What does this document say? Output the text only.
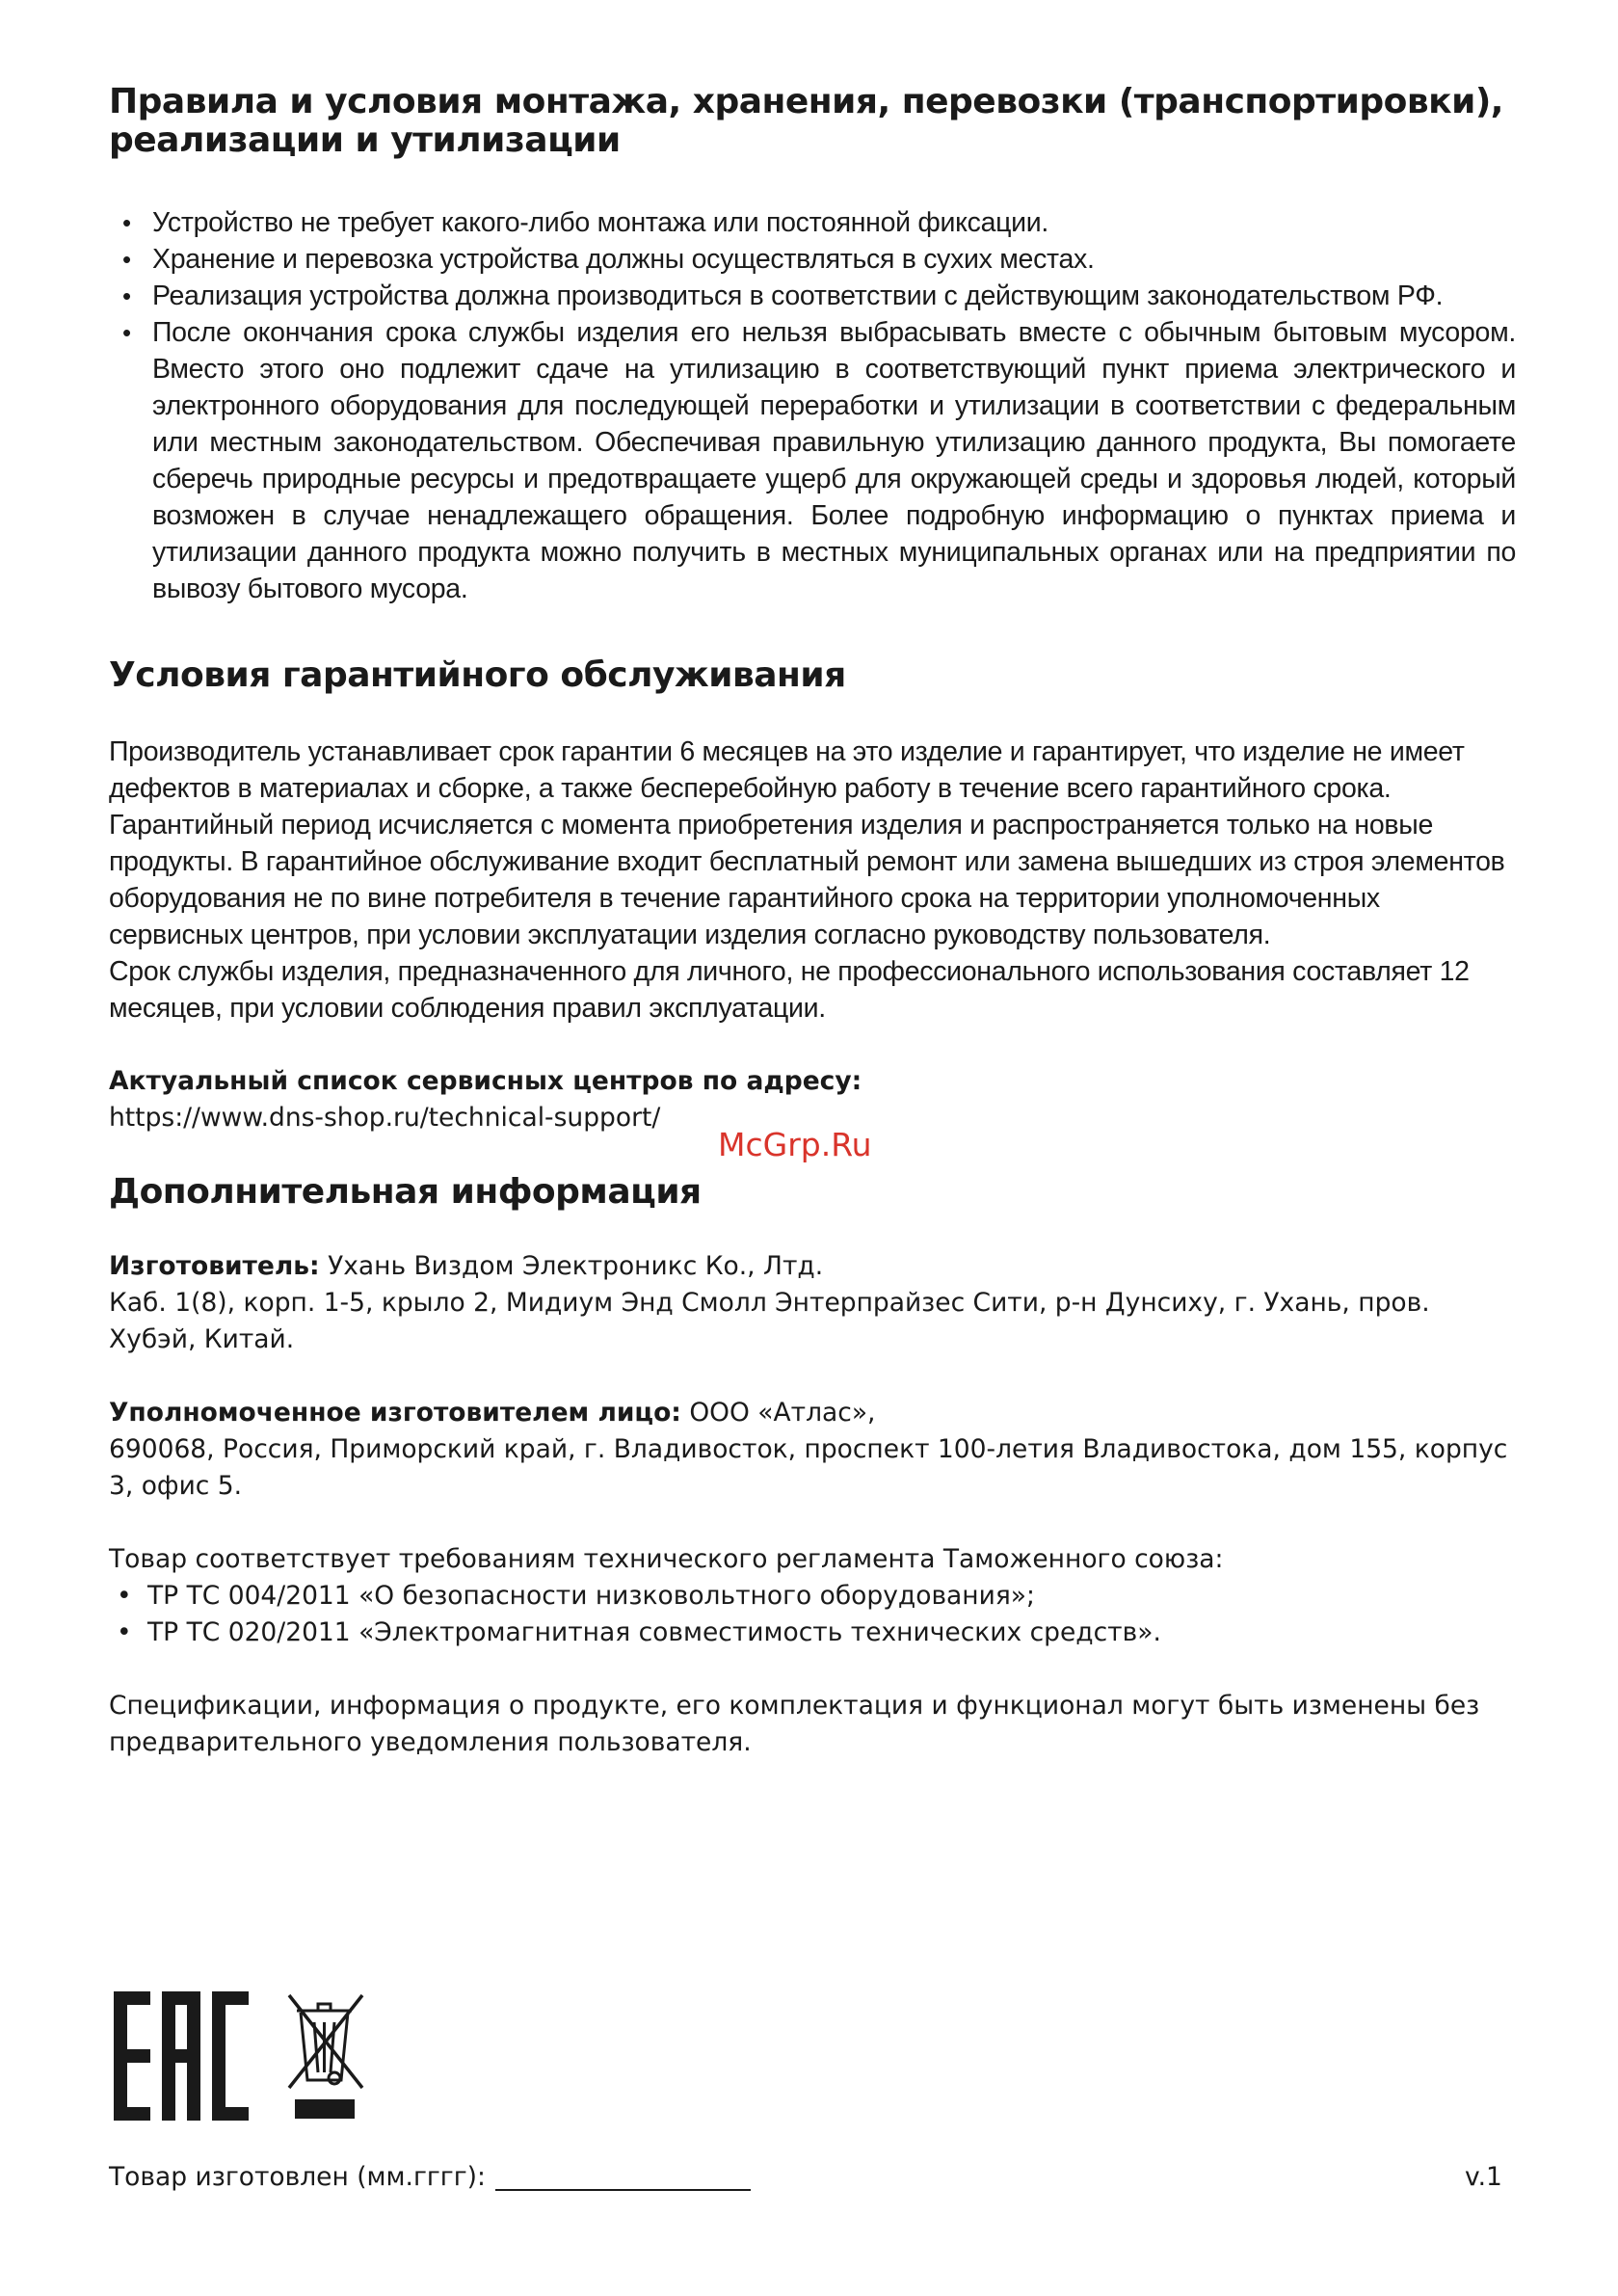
Правила и условия монтажа, хранения, перевозки (транспортировки), реализации и утилизации
• Устройство не требует какого-либо монтажа или постоянной фиксации.
• Хранение и перевозка устройства должны осуществляться в сухих местах.
• Реализация устройства должна производиться в соответствии с действующим законодательством РФ.
• После окончания срока службы изделия его нельзя выбрасывать вместе с обычным бытовым мусором. Вместо этого оно подлежит сдаче на утилизацию в соответствующий пункт приема электрического и электронного оборудования для последующей переработки и утилизации в соответствии с федеральным или местным законодательством. Обеспечивая правильную утилизацию данного продукта, Вы помогаете сберечь природные ресурсы и предотвращаете ущерб для окружающей среды и здоровья людей, который возможен в случае ненадлежащего обращения. Более подробную информацию о пунктах приема и утилизации данного продукта можно получить в местных муниципальных органах или на предприятии по вывозу бытового мусора.
Условия гарантийного обслуживания

Производитель устанавливает срок гарантии 6 месяцев на это изделие и гарантирует, что изделие не имеет дефектов в материалах и сборке, а также бесперебойную работу в течение всего гарантийного срока. Гарантийный период исчисляется с момента приобретения изделия и распространяется только на новые продукты. В гарантийное обслуживание входит бесплатный ремонт или замена вышедших из строя элементов оборудования не по вине потребителя в течение гарантийного срока на территории уполномоченных сервисных центров, при условии эксплуатации изделия согласно руководству пользователя.

Срок службы изделия, предназначенного для личного, не профессионального использования составляет 12 месяцев, при условии соблюдения правил эксплуатации.

Актуальный список сервисных центров по адресу:

https://www.dns-shop.ru/technical-support/

Дополнительная информация

Изготовитель: Ухань Виздом Электроникс Ко., Лтд.
Каб. 1(8), корп. 1-5, крыло 2, Мидиум Энд Смолл Энтерпрайзес Сити, р-н Дунсиху, г. Ухань, пров. Хубэй, Китай.

Уполномоченное изготовителем лицо: ООО «Атлас»,
690068, Россия, Приморский край, г. Владивосток, проспект 100-летия Владивостока, дом 155, корпус 3, офис 5.

Товар соответствует требованиям технического регламента Таможенного союза:

• ТР ТС 004/2011 «О безопасности низковольтного оборудования»;
• ТР ТС 020/2011 «Электромагнитная совместимость технических средств».

Спецификации, информация о продукте, его комплектация и функционал могут быть изменены без предварительного уведомления пользователя.

McGrp.Ru
Товар изготовлен (мм.гггг):	v.1
